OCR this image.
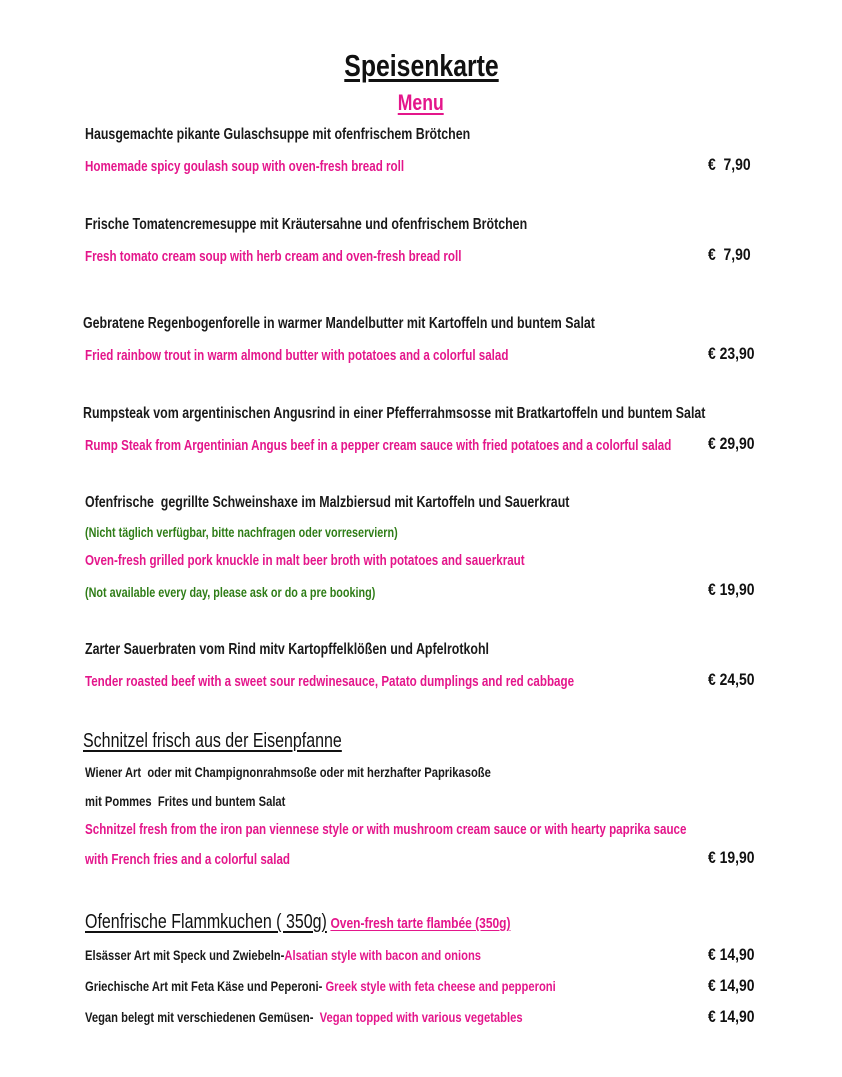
Speisenkarte
Menu
Hausgemachte pikante Gulaschsuppe mit ofenfrischem Brötchen
Homemade spicy goulash soup with oven-fresh bread roll	€  7,90
Frische Tomatencremesuppe mit Kräutersahne und ofenfrischem Brötchen
Fresh tomato cream soup with herb cream and oven-fresh bread roll	€  7,90
Gebratene Regenbogenforelle in warmer Mandelbutter mit Kartoffeln und buntem Salat
Fried rainbow trout in warm almond butter with potatoes and a colorful salad	€ 23,90
Rumpsteak vom argentinischen Angusrind in einer Pfefferrahmsosse mit Bratkartoffeln und buntem Salat
Rump Steak from Argentinian Angus beef in a pepper cream sauce with fried potatoes and a colorful salad	€ 29,90
Ofenfrische  gegrillte Schweinshaxe im Malzbiersud mit Kartoffeln und Sauerkraut
(Nicht täglich verfügbar, bitte nachfragen oder vorreserviern)
Oven-fresh grilled pork knuckle in malt beer broth with potatoes and sauerkraut
(Not available every day, please ask or do a pre booking)	€ 19,90
Zarter Sauerbraten vom Rind mitv Kartopffelklößen und Apfelrotkohl
Tender roasted beef with a sweet sour redwinesauce, Patato dumplings and red cabbage	€ 24,50
Schnitzel frisch aus der Eisenpfanne
Wiener Art  oder mit Champignonrahmsoße oder mit herzhafter Paprikasoße
mit Pommes  Frites und buntem Salat
Schnitzel fresh from the iron pan viennese style or with mushroom cream sauce or with hearty paprika sauce
with French fries and a colorful salad	€ 19,90
Ofenfrische Flammkuchen ( 350g) Oven-fresh tarte flambée (350g)
Elsässer Art mit Speck und Zwiebeln-Alsatian style with bacon and onions	€ 14,90
Griechische Art mit Feta Käse und Peperoni- Greek style with feta cheese and pepperoni	€ 14,90
Vegan belegt mit verschiedenen Gemüsen-  Vegan topped with various vegetables	€ 14,90
